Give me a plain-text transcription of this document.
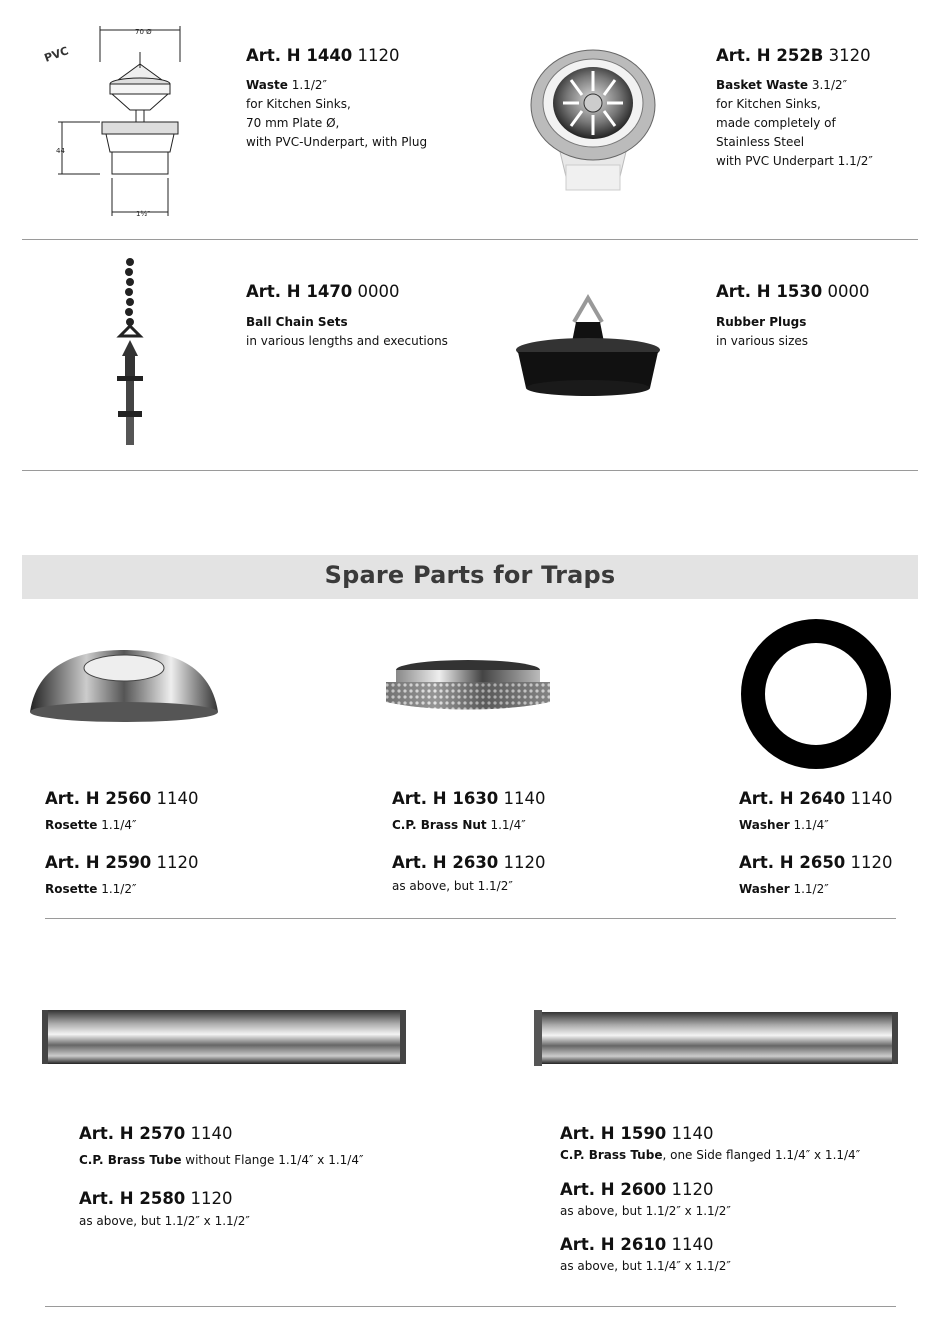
PVC
70 Ø
44
1½″
Art. H 1440 1120
Waste 1.1/2″
for Kitchen Sinks,
70 mm Plate Ø,
with PVC-Underpart, with Plug
Art. H 252B 3120
Basket Waste 3.1/2″
for Kitchen Sinks,
made completely of
Stainless Steel
with PVC Underpart 1.1/2″
Art. H 1470 0000
Ball Chain Sets
in various lengths and executions
Art. H 1530 0000
Rubber Plugs
in various sizes
Spare Parts for Traps
Art. H 2560 1140
Rosette 1.1/4″
Art. H 2590 1120
Rosette 1.1/2″
Art. H 1630 1140
C.P. Brass Nut 1.1/4″
Art. H 2630 1120
as above, but 1.1/2″
Art. H 2640 1140
Washer 1.1/4″
Art. H 2650 1120
Washer 1.1/2″
Art. H 2570 1140
C.P. Brass Tube without Flange 1.1/4″ x 1.1/4″
Art. H 2580 1120
as above, but 1.1/2″ x 1.1/2″
Art. H 1590 1140
C.P. Brass Tube, one Side flanged 1.1/4″ x 1.1/4″
Art. H 2600 1120
as above, but 1.1/2″ x 1.1/2″
Art. H 2610 1140
as above, but 1.1/4″ x 1.1/2″
